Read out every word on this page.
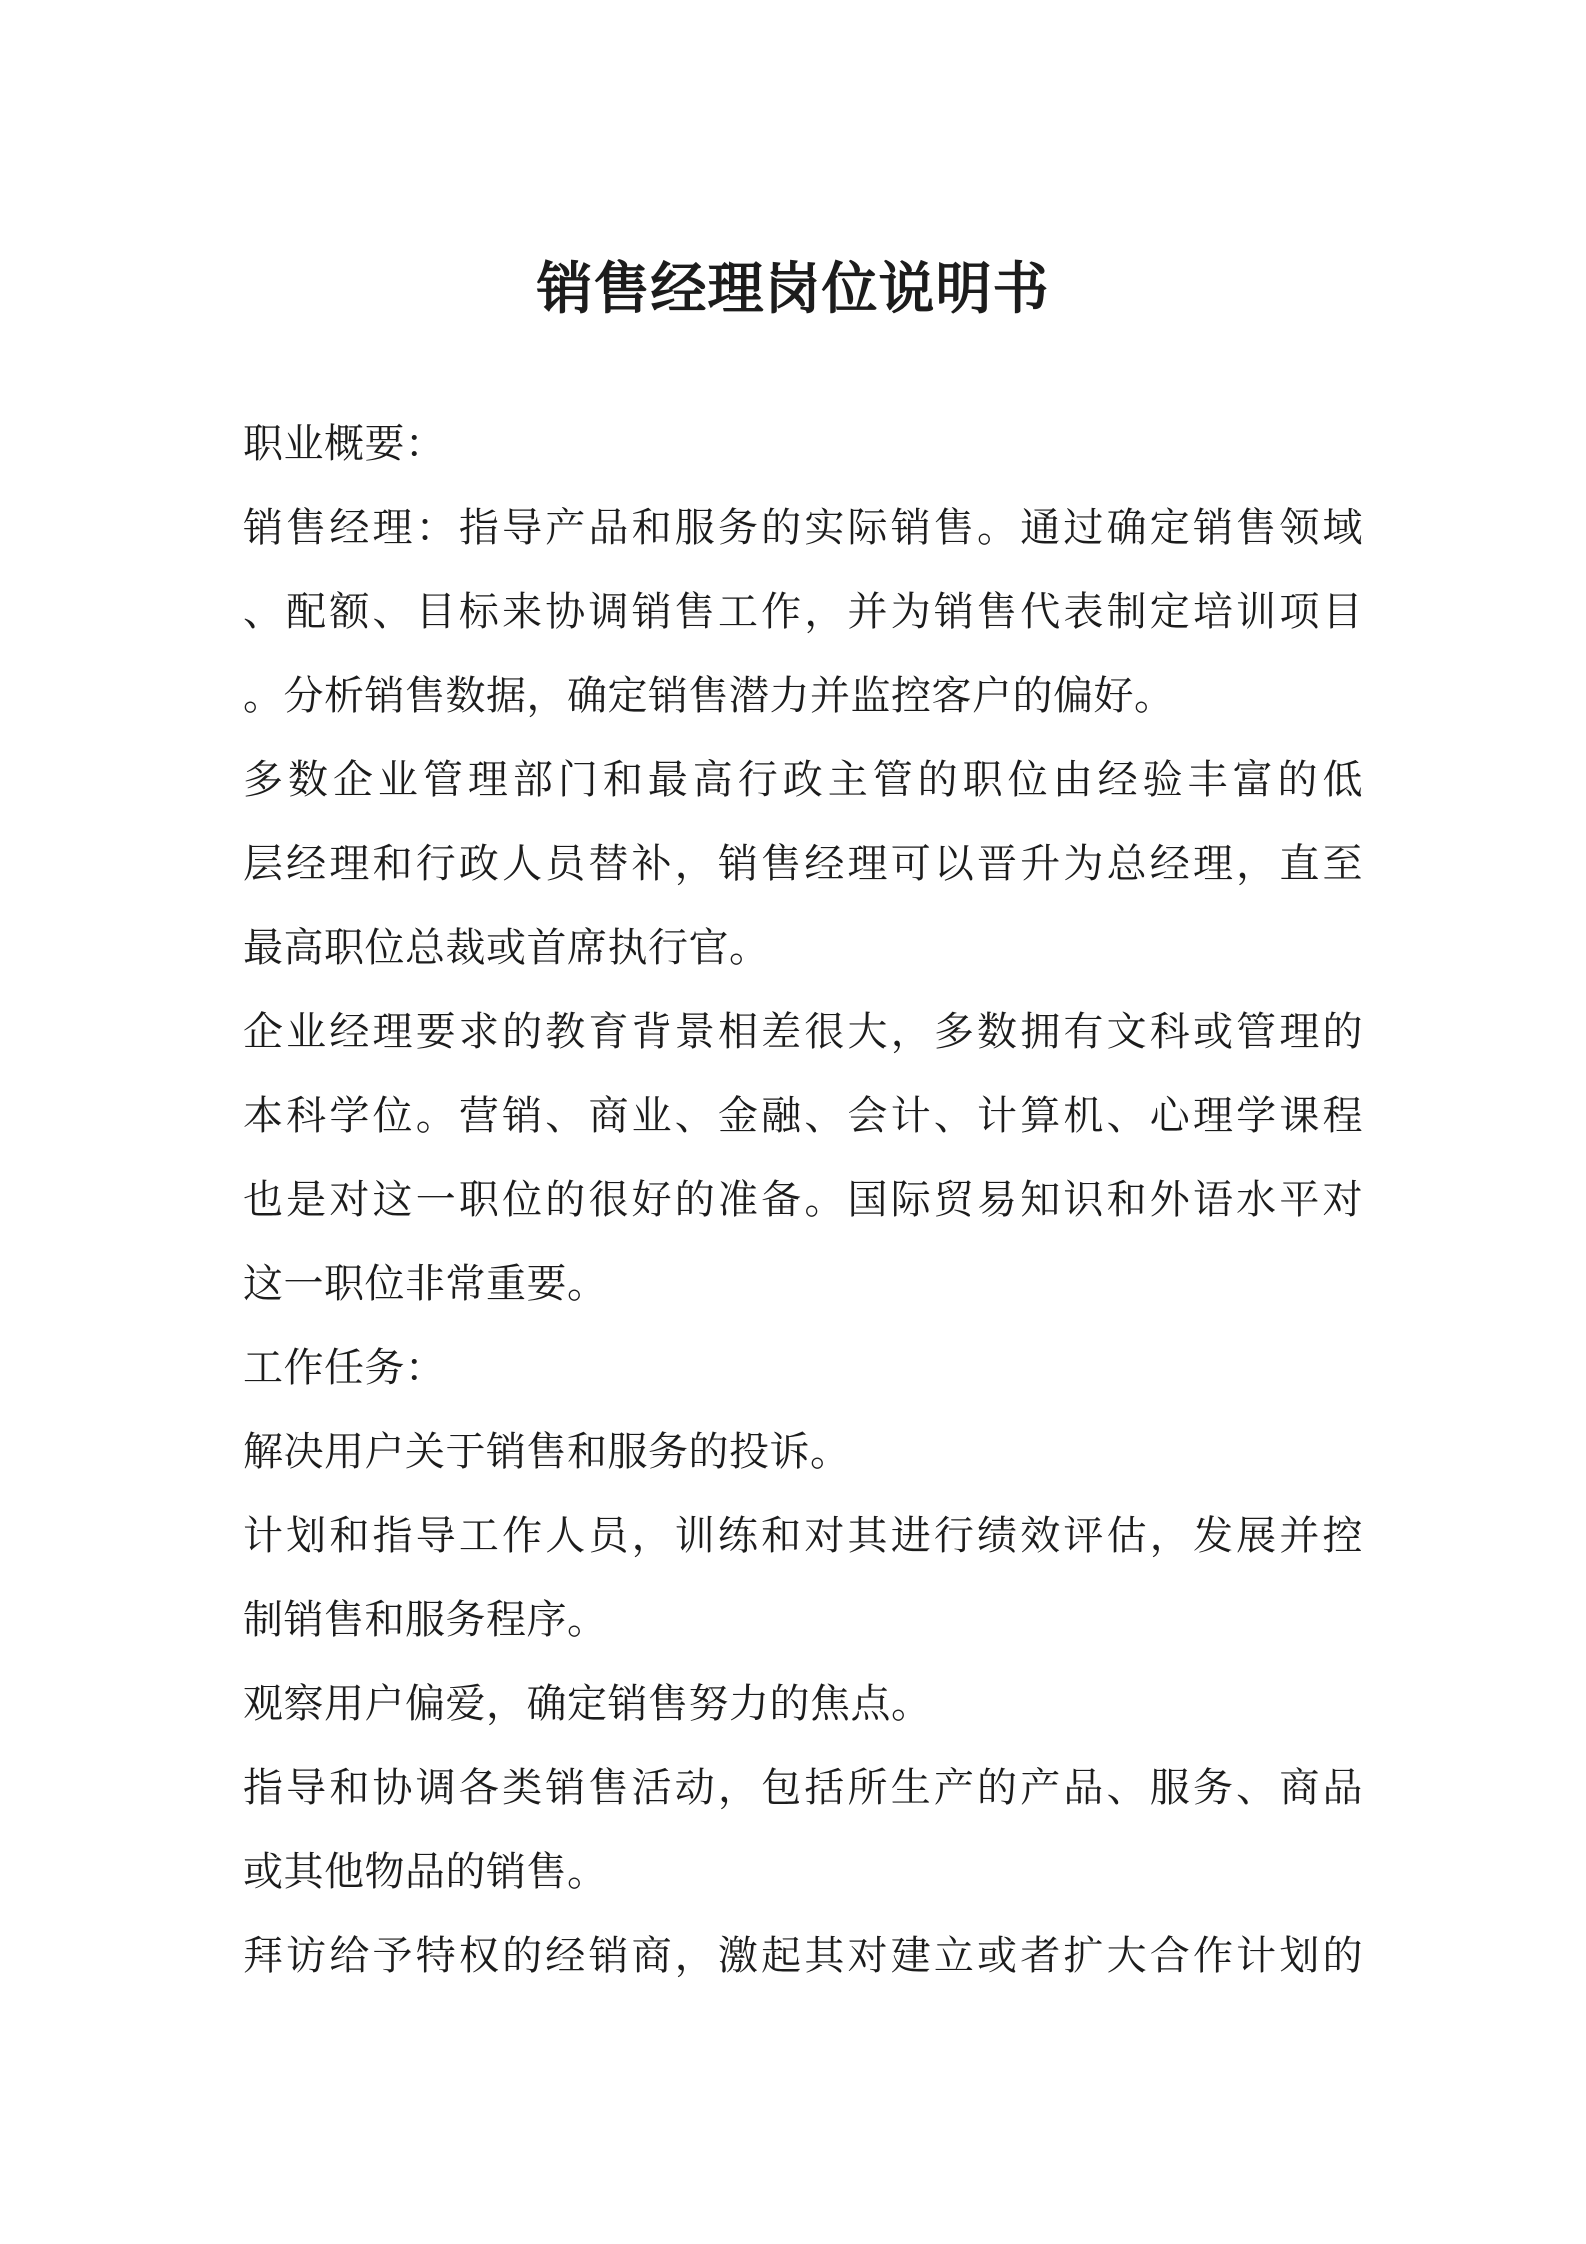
销售经理岗位说明书
职业概要：
销售经理：指导产品和服务的实际销售。通过确定销售领域
、配额、目标来协调销售工作，并为销售代表制定培训项目
。分析销售数据，确定销售潜力并监控客户的偏好。
多数企业管理部门和最高行政主管的职位由经验丰富的低
层经理和行政人员替补，销售经理可以晋升为总经理，直至
最高职位总裁或首席执行官。
企业经理要求的教育背景相差很大，多数拥有文科或管理的
本科学位。营销、商业、金融、会计、计算机、心理学课程
也是对这一职位的很好的准备。国际贸易知识和外语水平对
这一职位非常重要。
工作任务：
解决用户关于销售和服务的投诉。
计划和指导工作人员，训练和对其进行绩效评估，发展并控
制销售和服务程序。
观察用户偏爱，确定销售努力的焦点。
指导和协调各类销售活动，包括所生产的产品、服务、商品
或其他物品的销售。
拜访给予特权的经销商，激起其对建立或者扩大合作计划的
